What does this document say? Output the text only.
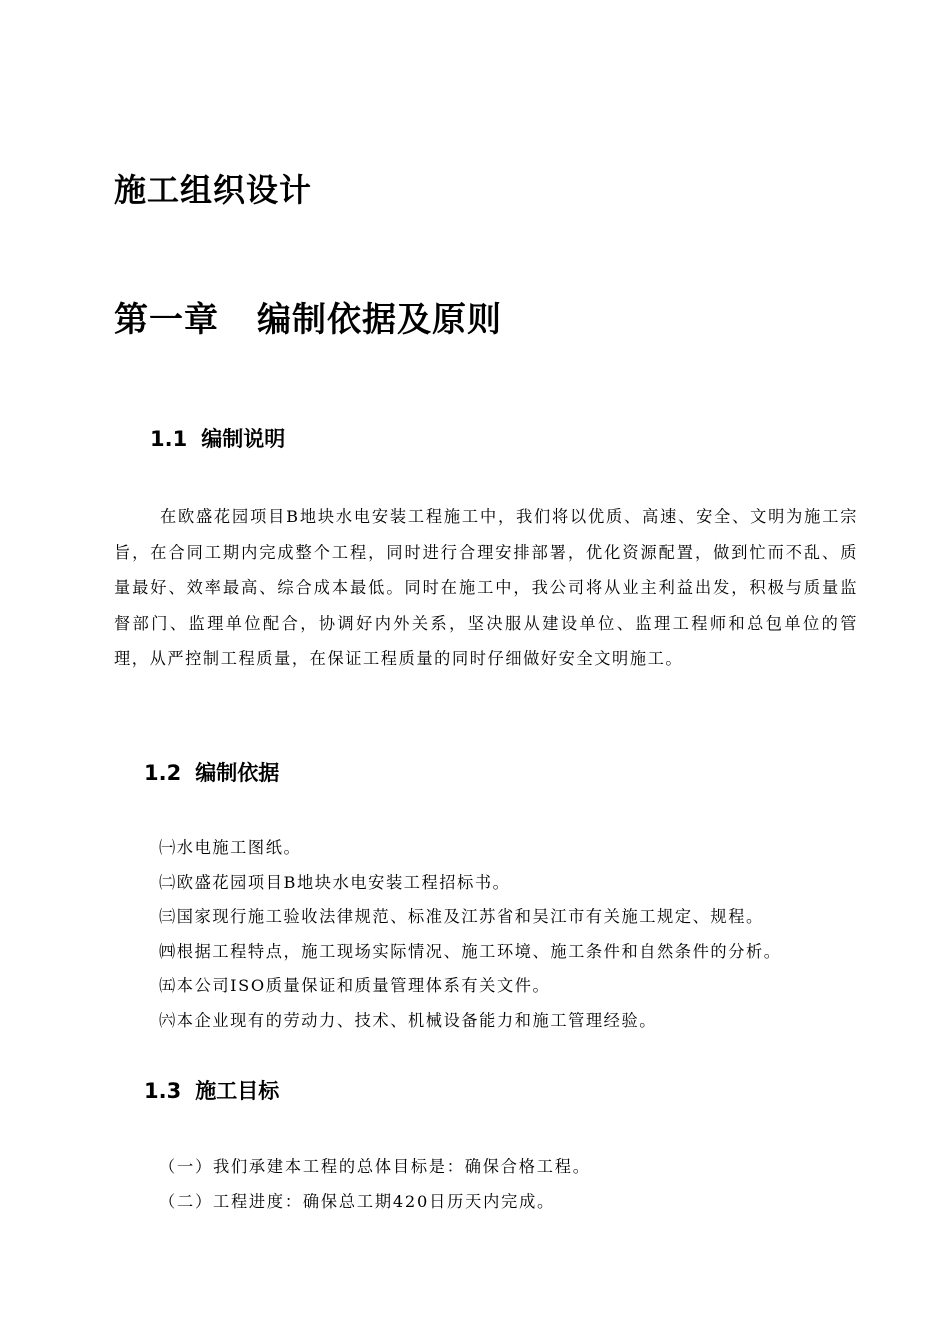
施工组织设计
第一章 编制依据及原则
1.1 编制说明

在欧盛花园项目B地块水电安装工程施工中，我们将以优质、高速、安全、文明为施工宗旨，在合同工期内完成整个工程，同时进行合理安排部署，优化资源配置，做到忙而不乱、质量最好、效率最高、综合成本最低。同时在施工中，我公司将从业主利益出发，积极与质量监督部门、监理单位配合，协调好内外关系，坚决服从建设单位、监理工程师和总包单位的管理，从严控制工程质量，在保证工程质量的同时仔细做好安全文明施工。

1.2 编制依据
㈠水电施工图纸。
㈡欧盛花园项目B地块水电安装工程招标书。
㈢国家现行施工验收法律规范、标准及江苏省和吴江市有关施工规定、规程。
㈣根据工程特点，施工现场实际情况、施工环境、施工条件和自然条件的分析。
㈤本公司ISO质量保证和质量管理体系有关文件。
㈥本企业现有的劳动力、技术、机械设备能力和施工管理经验。
1.3 施工目标
（一）我们承建本工程的总体目标是：确保合格工程。
（二）工程进度：确保总工期420日历天内完成。
